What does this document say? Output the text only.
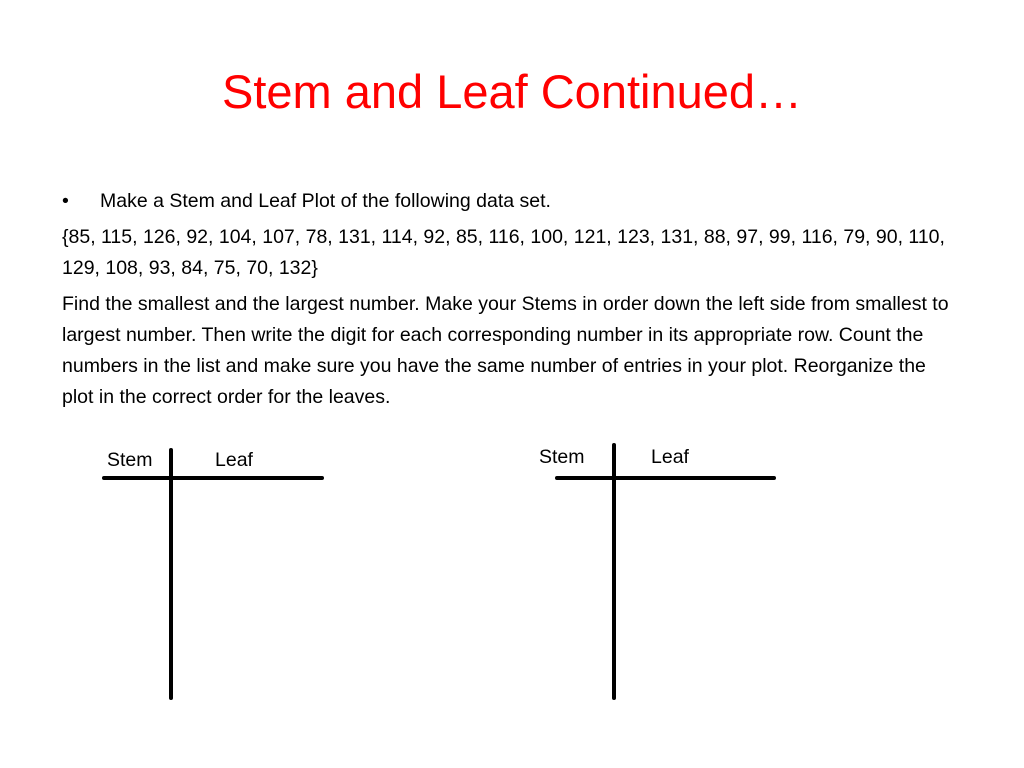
Stem and Leaf Continued…
•	Make a Stem and Leaf Plot of the following data set.

{85, 115, 126, 92, 104, 107, 78, 131, 114, 92, 85, 116, 100, 121, 123, 131, 88, 97, 99, 116, 79, 90, 110, 129, 108, 93, 84, 75, 70, 132}

Find the smallest and the largest number. Make your Stems in order down the left side from smallest to largest number. Then write the digit for each corresponding number in its appropriate row. Count the numbers in the list and make sure you have the same number of entries in your plot. Reorganize the plot in the correct order for the leaves.

Stem	Leaf	Stem	Leaf
